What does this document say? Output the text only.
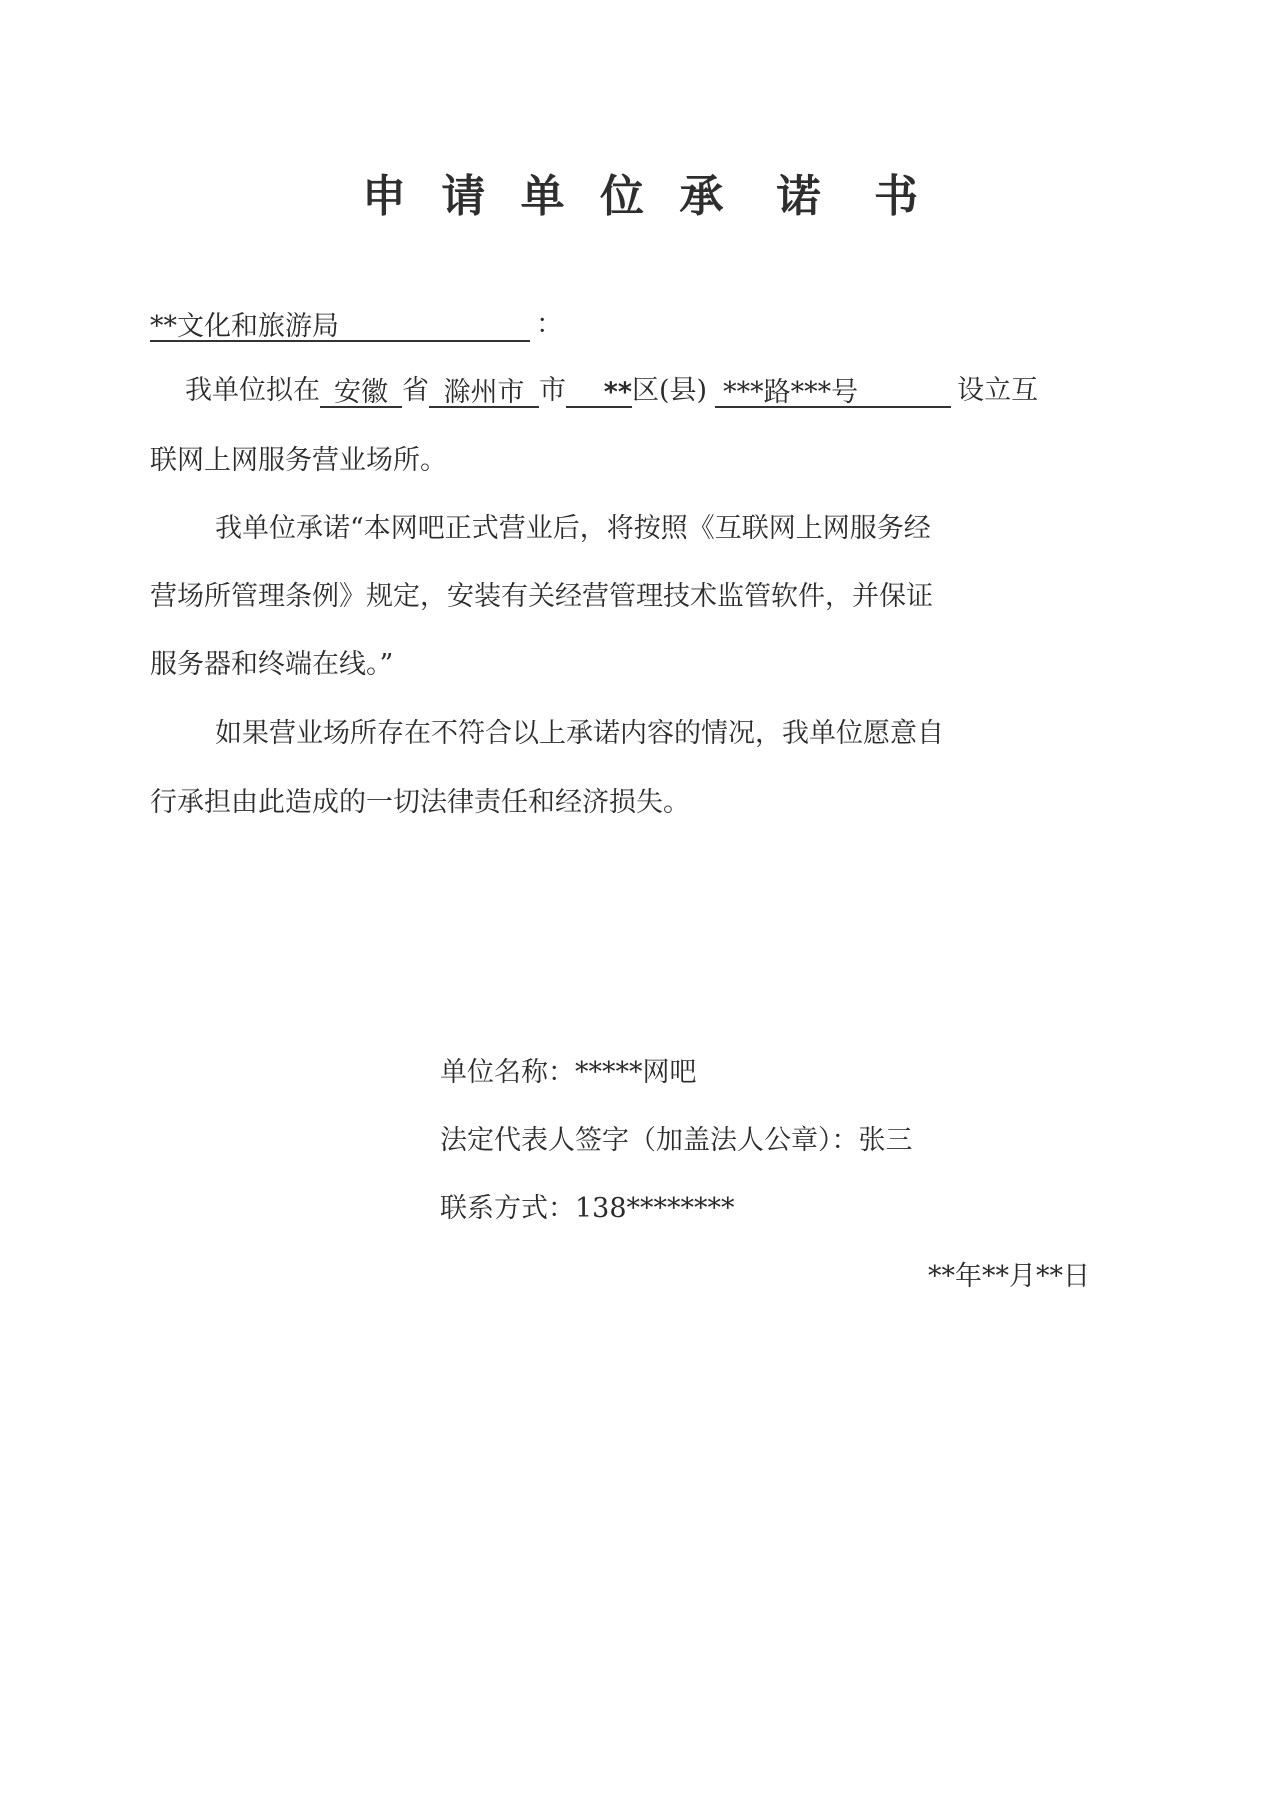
申 请 单 位 承 诺 书
**文化和旅游局	：
我单位拟在 安徽 省 滁州市 市 **区(县) ***路***号	设立互
联网上网服务营业场所。
我单位承诺“本网吧正式营业后，将按照《互联网上网服务经
营场所管理条例》规定，安装有关经营管理技术监管软件，并保证
服务器和终端在线。”
如果营业场所存在不符合以上承诺内容的情况，我单位愿意自
行承担由此造成的一切法律责任和经济损失。
单位名称：*****网吧
法定代表人签字（加盖法人公章）：张三
联系方式：138********
**年**月**日
